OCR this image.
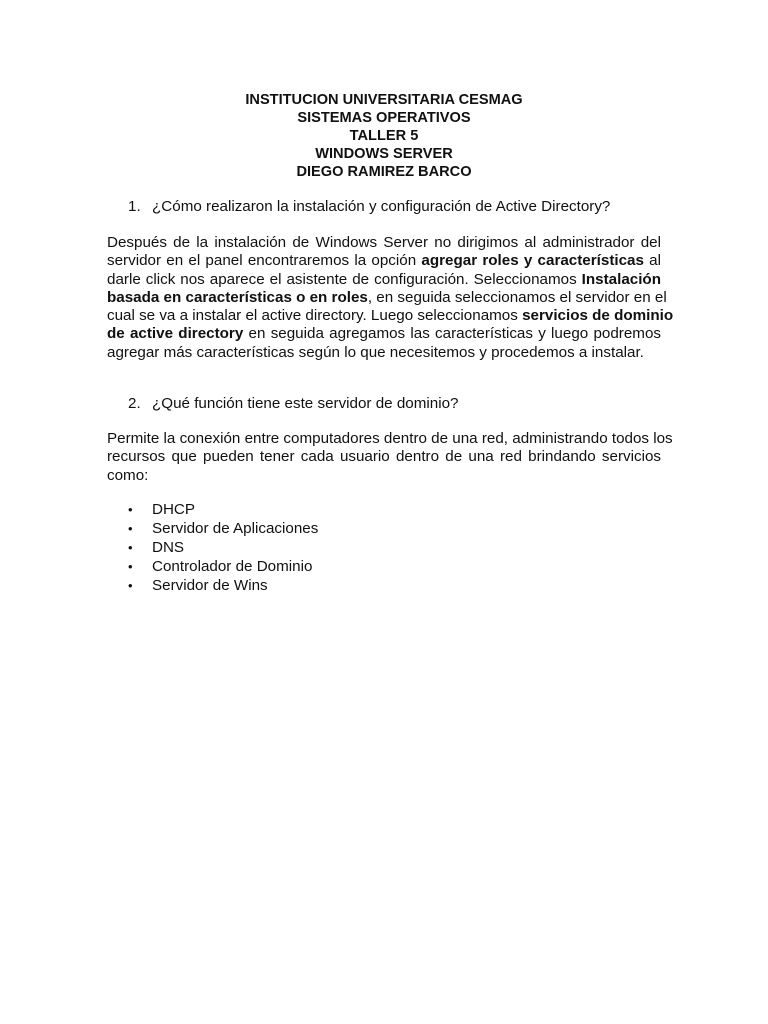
INSTITUCION UNIVERSITARIA CESMAG
SISTEMAS OPERATIVOS
TALLER 5
WINDOWS SERVER
DIEGO RAMIREZ BARCO
1. ¿Cómo realizaron la instalación y configuración de Active Directory?
Después de la instalación de Windows Server no dirigimos al administrador del
servidor en el panel encontraremos la opción agregar roles y características al
darle click nos aparece el asistente de configuración. Seleccionamos Instalación
basada en características o en roles, en seguida seleccionamos el servidor en el
cual se va a instalar el active directory. Luego seleccionamos servicios de dominio
de active directory en seguida agregamos las características y luego podremos
agregar más características según lo que necesitemos y procedemos a instalar.
2. ¿Qué función tiene este servidor de dominio?
Permite la conexión entre computadores dentro de una red, administrando todos los
recursos que pueden tener cada usuario dentro de una red brindando servicios
como:
• DHCP
• Servidor de Aplicaciones
• DNS
• Controlador de Dominio
• Servidor de Wins
